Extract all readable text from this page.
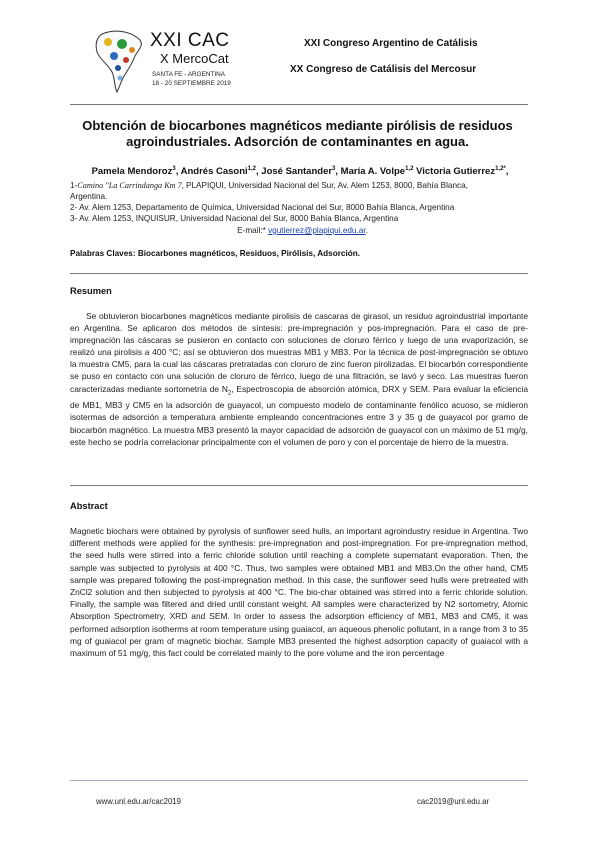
XXI CAC
X MercoCat
SANTA FE - ARGENTINA
18 - 20 SEPTIEMBRE 2019
XXI Congreso Argentino de Catálisis
XX Congreso de Catálisis del Mercosur
Obtención de biocarbones magnéticos mediante pirólisis de residuos
agroindustriales. Adsorción de contaminantes en agua.
Pamela Mendoroz$^3$, Andrés Casoni$^{1,2}$, José Santander$^3$, María A. Volpe$^{1,2}$ Victoria Gutierrez$^{1,2*}$,
1-Camino "La Carrindanga Km 7, PLAPIQUI, Universidad Nacional del Sur, Av. Alem 1253, 8000, Bahía Blanca,
Argentina.
2- Av. Alem 1253, Departamento de Química, Universidad Nacional del Sur, 8000 Bahía Blanca, Argentina
3- Av. Alem 1253, INQUISUR, Universidad Nacional del Sur, 8000 Bahía Blanca, Argentina
E-mail:* vgutierrez@plapiqui.edu.ar.
Palabras Claves: Biocarbones magnéticos, Residuos, Pirólisis, Adsorción.
Resumen
Se obtuvieron biocarbones magnéticos mediante pirolisis de cascaras de girasol, un residuo agroindustrial importante en Argentina. Se aplicaron dos métodos de síntesis: pre-impregnación y pos-impregnación. Para el caso de pre-impregnación las cáscaras se pusieron en contacto con soluciones de cloruro férrico y luego de una evaporización, se realizó una pirolisis a 400 °C; así se obtuvieron dos muestras MB1 y MB3. Por la técnica de post-impregnación se obtuvo la muestra CM5, para la cual las cáscaras pretratadas con cloruro de zinc fueron pirolizadas. El biocarbón correspondiente se puso en contacto con una solución de cloruro de férrico, luego de una filtración, se lavó y seco. Las muestras fueron caracterizadas mediante sortometría de $N_2$, Espectroscopia de absorción atómica, DRX y SEM. Para evaluar la eficiencia de MB1, MB3 y CM5 en la adsorción de guayacol, un compuesto modelo de contaminante fenólico acuoso, se midieron isotermas de adsorción a temperatura ambiente empleando concentraciones entre 3 y 35 g de guayacol por gramo de biocarbón magnético. La muestra MB3 presentó la mayor capacidad de adsorción de guayacol con un máximo de 51 mg/g, este hecho se podría correlacionar principalmente con el volumen de poro y con el porcentaje de hierro de la muestra.
Abstract
Magnetic biochars were obtained by pyrolysis of sunflower seed hulls, an important agroindustry residue in Argentina. Two different methods were applied for the synthesis: pre-impregnation and post-impregnation. For pre-impregnation method, the seed hulls were stirred into a ferric chloride solution until reaching a complete supernatant evaporation. Then, the sample was subjected to pyrolysis at 400 °C. Thus, two samples were obtained MB1 and MB3.On the other hand, CM5 sample was prepared following the post-impregnation method. In this case, the sunflower seed hulls were pretreated with ZnCl2 solution and then subjected to pyrolysis at 400 °C. The bio-char obtained was stirred into a ferric chloride solution. Finally, the sample was filtered and dried until constant weight. All samples were characterized by N2 sortometry, Atomic Absorption Spectrometry, XRD and SEM. In order to assess the adsorption efficiency of MB1, MB3 and CM5, it was performed adsorption isotherms at room temperature using guaiacol, an aqueous phenolic pollutant, in a range from 3 to 35 mg of guaiacol per gram of magnetic biochar. Sample MB3 presented the highest adsorption capacity of guaiacol with a maximum of 51 mg/g, this fact could be correlated mainly to the pore volume and the iron percentage
www.unl.edu.ar/cac2019	cac2019@unl.edu.ar
